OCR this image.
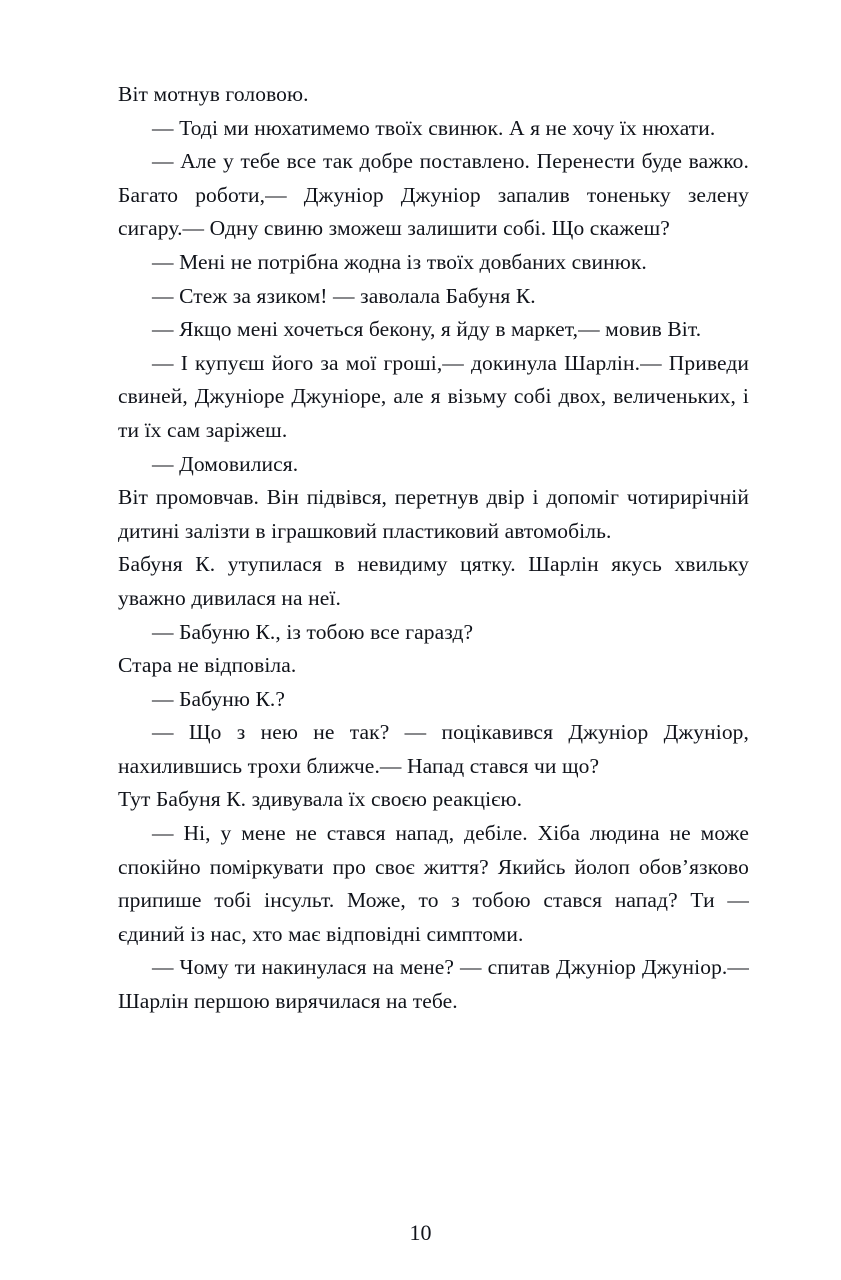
Віт мотнув головою.

— Тоді ми нюхатимемо твоїх свинюк. А я не хочу їх нюхати.

— Але у тебе все так добре поставлено. Перенести буде важко. Багато роботи,— Джуніор Джуніор запалив тоненьку зелену сигару.— Одну свиню зможеш залишити собі. Що скажеш?

— Мені не потрібна жодна із твоїх довбаних свинюк.

— Стеж за язиком! — заволала Бабуня К.

— Якщо мені хочеться бекону, я йду в маркет,— мовив Віт.

— І купуєш його за мої гроші,— докинула Шарлін.— Приведи свиней, Джуніоре Джуніоре, але я візьму собі двох, величеньких, і ти їх сам заріжеш.

— Домовилися.

Віт промовчав. Він підвівся, перетнув двір і допоміг чотирирічній дитині залізти в іграшковий пластиковий автомобіль.

Бабуня К. утупилася в невидиму цятку. Шарлін якусь хвильку уважно дивилася на неї.

— Бабуню К., із тобою все гаразд?

Стара не відповіла.

— Бабуню К.?

— Що з нею не так? — поцікавився Джуніор Джуніор, нахилившись трохи ближче.— Напад стався чи що?

Тут Бабуня К. здивувала їх своєю реакцією.

— Ні, у мене не стався напад, дебіле. Хіба людина не може спокійно поміркувати про своє життя? Якийсь йолоп обов’язково припише тобі інсульт. Може, то з тобою стався напад? Ти — єдиний із нас, хто має відповідні симптоми.

— Чому ти накинулася на мене? — спитав Джуніор Джуніор.— Шарлін першою вирячилася на тебе.

10
